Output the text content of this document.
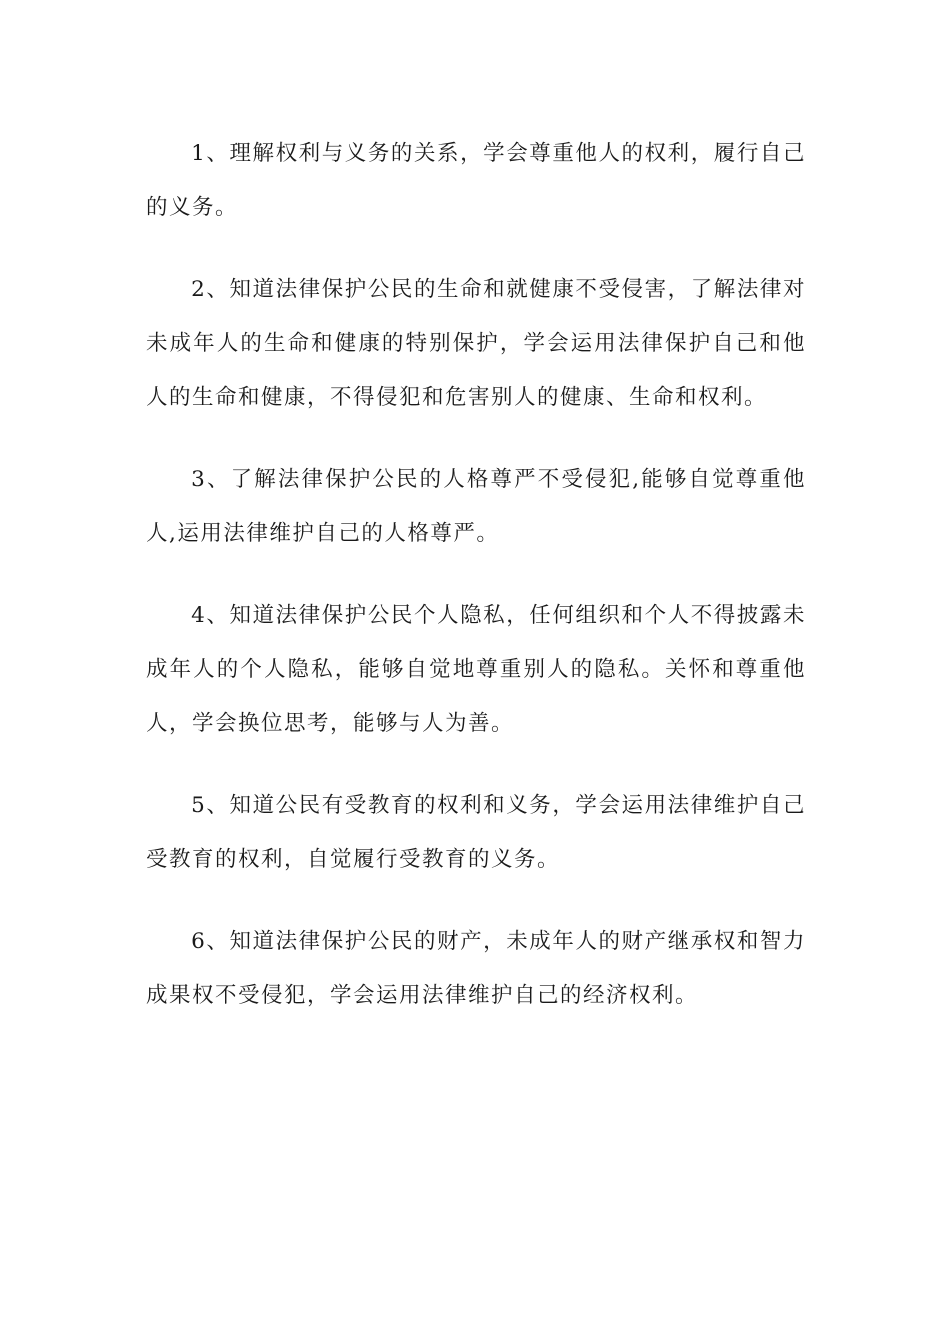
1、理解权利与义务的关系，学会尊重他人的权利，履行自己的义务。

2、知道法律保护公民的生命和就健康不受侵害，了解法律对未成年人的生命和健康的特别保护，学会运用法律保护自己和他人的生命和健康，不得侵犯和危害别人的健康、生命和权利。

3、了解法律保护公民的人格尊严不受侵犯,能够自觉尊重他人,运用法律维护自己的人格尊严。

4、知道法律保护公民个人隐私，任何组织和个人不得披露未成年人的个人隐私，能够自觉地尊重别人的隐私。关怀和尊重他人，学会换位思考，能够与人为善。

5、知道公民有受教育的权利和义务，学会运用法律维护自己受教育的权利，自觉履行受教育的义务。

6、知道法律保护公民的财产，未成年人的财产继承权和智力成果权不受侵犯，学会运用法律维护自己的经济权利。
